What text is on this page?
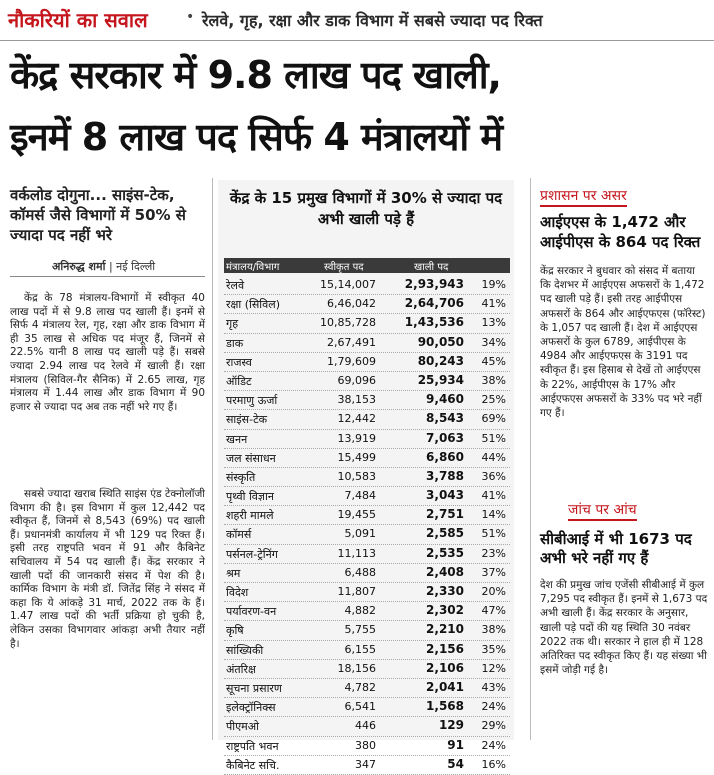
नौकरियों का सवाल	• रेलवे, गृह, रक्षा और डाक विभाग में सबसे ज्यादा पद रिक्त
केंद्र सरकार में 9.8 लाख पद खाली,
इनमें 8 लाख पद सिर्फ 4 मंत्रालयों में
वर्कलोड दोगुना... साइंस-टेक, कॉमर्स जैसे विभागों में 50% से ज्यादा पद नहीं भरे
अनिरुद्ध शर्मा | नई दिल्ली
केंद्र के 78 मंत्रालय-विभागों में स्वीकृत 40 लाख पदों में से 9.8 लाख पद खाली हैं। इनमें से सिर्फ 4 मंत्रालय रेल, गृह, रक्षा और डाक विभाग में ही 35 लाख से अधिक पद मंजूर हैं, जिनमें से 22.5% यानी 8 लाख पद खाली पड़े हैं। सबसे ज्यादा 2.94 लाख पद रेलवे में खाली हैं। रक्षा मंत्रालय (सिविल-गैर सैनिक) में 2.65 लाख, गृह मंत्रालय में 1.44 लाख और डाक विभाग में 90 हजार से ज्यादा पद अब तक नहीं भरे गए हैं।
सबसे ज्यादा खराब स्थिति साइंस एंड टेक्नोलॉजी विभाग की है। इस विभाग में कुल 12,442 पद स्वीकृत हैं, जिनमें से 8,543 (69%) पद खाली हैं। प्रधानमंत्री कार्यालय में भी 129 पद रिक्त हैं। इसी तरह राष्ट्रपति भवन में 91 और कैबिनेट सचिवालय में 54 पद खाली हैं। केंद्र सरकार ने खाली पदों की जानकारी संसद में पेश की है। कार्मिक विभाग के मंत्री डॉ. जितेंद्र सिंह ने संसद में कहा कि ये आंकड़े 31 मार्च, 2022 तक के हैं। 1.47 लाख पदों की भर्ती प्रक्रिया हो चुकी है, लेकिन उसका विभागवार आंकड़ा अभी तैयार नहीं है।
केंद्र के 15 प्रमुख विभागों में 30% से ज्यादा पद अभी खाली पड़े हैं
मंत्रालय/विभाग	स्वीकृत पद	खाली पद
रेलवे	15,14,007	2,93,943	19%
रक्षा (सिविल)	6,46,042	2,64,706	41%
गृह	10,85,728	1,43,536	13%
डाक	2,67,491	90,050	34%
राजस्व	1,79,609	80,243	45%
ऑडिट	69,096	25,934	38%
परमाणु ऊर्जा	38,153	9,460	25%
साइंस-टेक	12,442	8,543	69%
खनन	13,919	7,063	51%
जल संसाधन	15,499	6,860	44%
संस्कृति	10,583	3,788	36%
पृथ्वी विज्ञान	7,484	3,043	41%
शहरी मामले	19,455	2,751	14%
कॉमर्स	5,091	2,585	51%
पर्सनल-ट्रेनिंग	11,113	2,535	23%
श्रम	6,488	2,408	37%
विदेश	11,807	2,330	20%
पर्यावरण-वन	4,882	2,302	47%
कृषि	5,755	2,210	38%
सांख्यिकी	6,155	2,156	35%
अंतरिक्ष	18,156	2,106	12%
सूचना प्रसारण	4,782	2,041	43%
इलेक्ट्रॉनिक्स	6,541	1,568	24%
पीएमओ	446	129	29%
राष्ट्रपति भवन	380	91	24%
कैबिनेट सचि.	347	54	16%
प्रशासन पर असर
आईएएस के 1,472 और आईपीएस के 864 पद रिक्त
केंद्र सरकार ने बुधवार को संसद में बताया कि देशभर में आईएएस अफसरों के 1,472 पद खाली पड़े हैं। इसी तरह आईपीएस अफसरों के 864 और आईएफएस (फॉरेस्ट) के 1,057 पद खाली हैं। देश में आईएएस अफसरों के कुल 6789, आईपीएस के 4984 और आईएफएस के 3191 पद स्वीकृत हैं। इस हिसाब से देखें तो आईएएस के 22%, आईपीएस के 17% और आईएफएस अफसरों के 33% पद भरे नहीं गए हैं।
जांच पर आंच
सीबीआई में भी 1673 पद अभी भरे नहीं गए हैं
देश की प्रमुख जांच एजेंसी सीबीआई में कुल 7,295 पद स्वीकृत हैं। इनमें से 1,673 पद अभी खाली हैं। केंद्र सरकार के अनुसार, खाली पड़े पदों की यह स्थिति 30 नवंबर 2022 तक थी। सरकार ने हाल ही में 128 अतिरिक्त पद स्वीकृत किए हैं। यह संख्या भी इसमें जोड़ी गई है।
